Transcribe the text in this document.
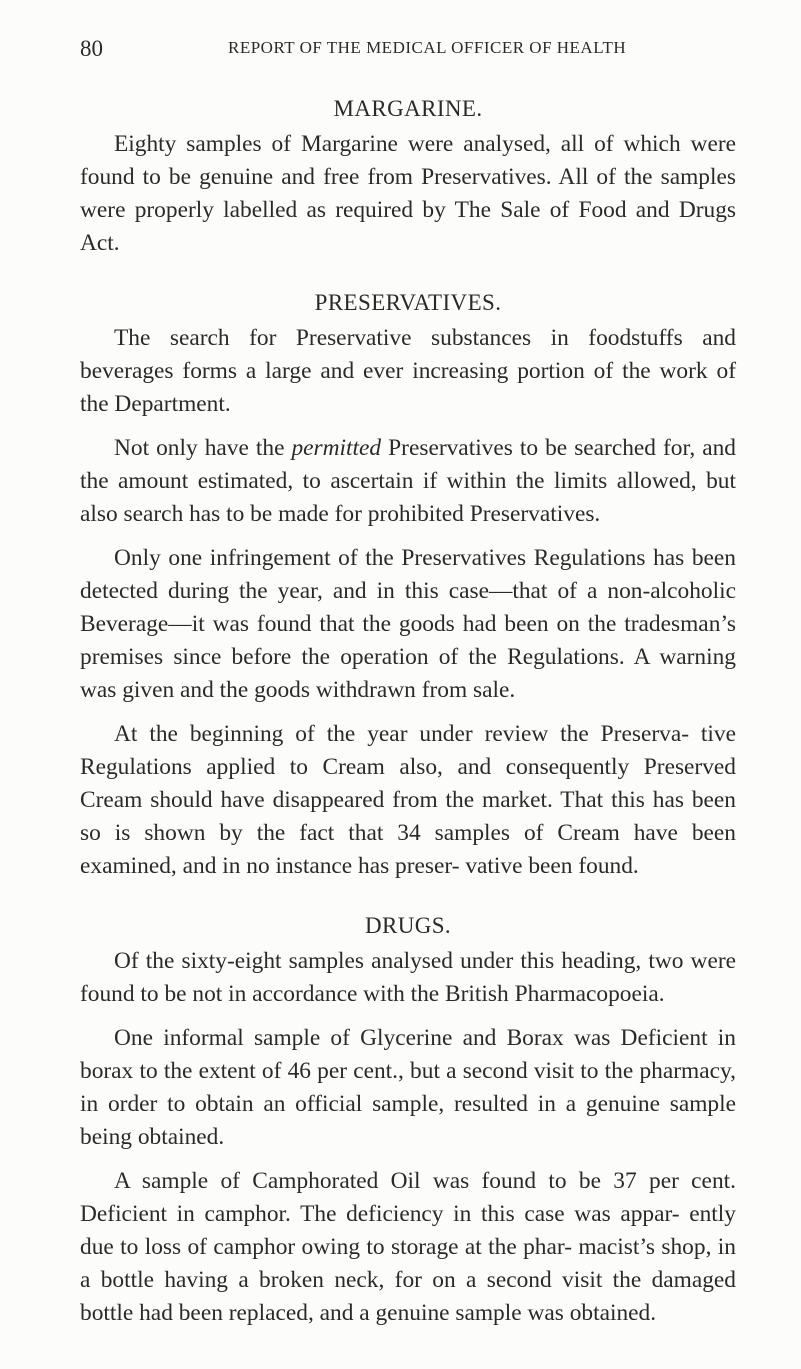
80	REPORT OF THE MEDICAL OFFICER OF HEALTH
MARGARINE.

Eighty samples of Margarine were analysed, all of which were found to be genuine and free from Preservatives. All of the samples were properly labelled as required by The Sale of Food and Drugs Act.

PRESERVATIVES.

The search for Preservative substances in foodstuffs and beverages forms a large and ever increasing portion of the work of the Department.

Not only have the permitted Preservatives to be searched for, and the amount estimated, to ascertain if within the limits allowed, but also search has to be made for prohibited Preservatives.

Only one infringement of the Preservatives Regulations has been detected during the year, and in this case—that of a non-alcoholic Beverage—it was found that the goods had been on the tradesman’s premises since before the operation of the Regulations. A warning was given and the goods withdrawn from sale.

At the beginning of the year under review the Preserva- tive Regulations applied to Cream also, and consequently Preserved Cream should have disappeared from the market. That this has been so is shown by the fact that 34 samples of Cream have been examined, and in no instance has preser- vative been found.

DRUGS.

Of the sixty-eight samples analysed under this heading, two were found to be not in accordance with the British Pharmacopoeia.

One informal sample of Glycerine and Borax was Deficient in borax to the extent of 46 per cent., but a second visit to the pharmacy, in order to obtain an official sample, resulted in a genuine sample being obtained.

A sample of Camphorated Oil was found to be 37 per cent. Deficient in camphor. The deficiency in this case was appar- ently due to loss of camphor owing to storage at the phar- macist’s shop, in a bottle having a broken neck, for on a second visit the damaged bottle had been replaced, and a genuine sample was obtained.
